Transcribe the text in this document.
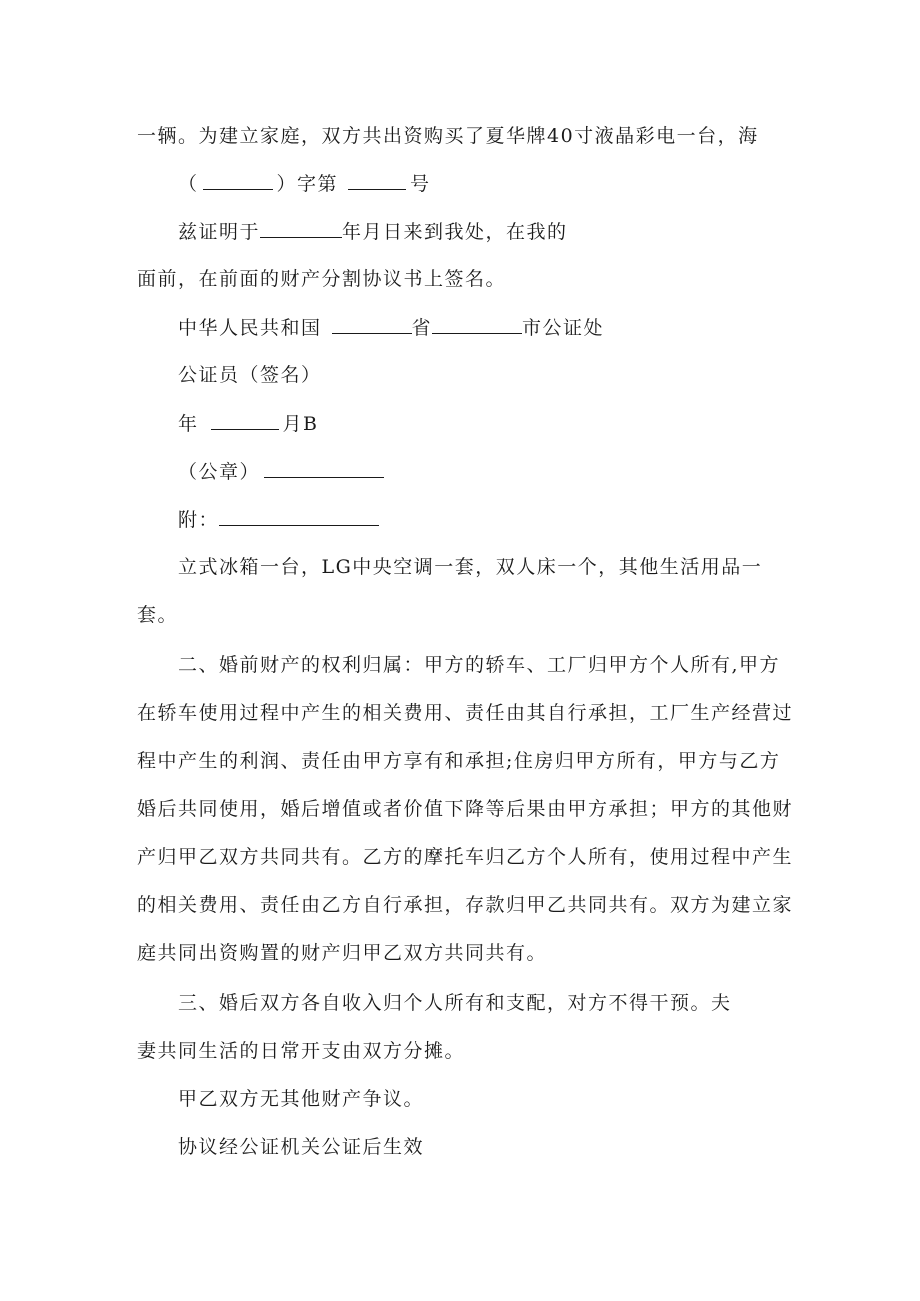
一辆。为建立家庭，双方共出资购买了夏华牌40寸液晶彩电一台，海
（	）字第	号
兹证明于	年月日来到我处，在我的
面前，在前面的财产分割协议书上签名。
中华人民共和国	省	市公证处
公证员（签名）
年	月B
（公章）
附：
立式冰箱一台，LG中央空调一套，双人床一个，其他生活用品一
套。
二、婚前财产的权利归属：甲方的轿车、工厂归甲方个人所有,甲方
在轿车使用过程中产生的相关费用、责任由其自行承担，工厂生产经营过
程中产生的利润、责任由甲方享有和承担;住房归甲方所有，甲方与乙方
婚后共同使用，婚后增值或者价值下降等后果由甲方承担；甲方的其他财
产归甲乙双方共同共有。乙方的摩托车归乙方个人所有，使用过程中产生
的相关费用、责任由乙方自行承担，存款归甲乙共同共有。双方为建立家
庭共同出资购置的财产归甲乙双方共同共有。
三、婚后双方各自收入归个人所有和支配，对方不得干预。夫
妻共同生活的日常开支由双方分摊。
甲乙双方无其他财产争议。
协议经公证机关公证后生效
